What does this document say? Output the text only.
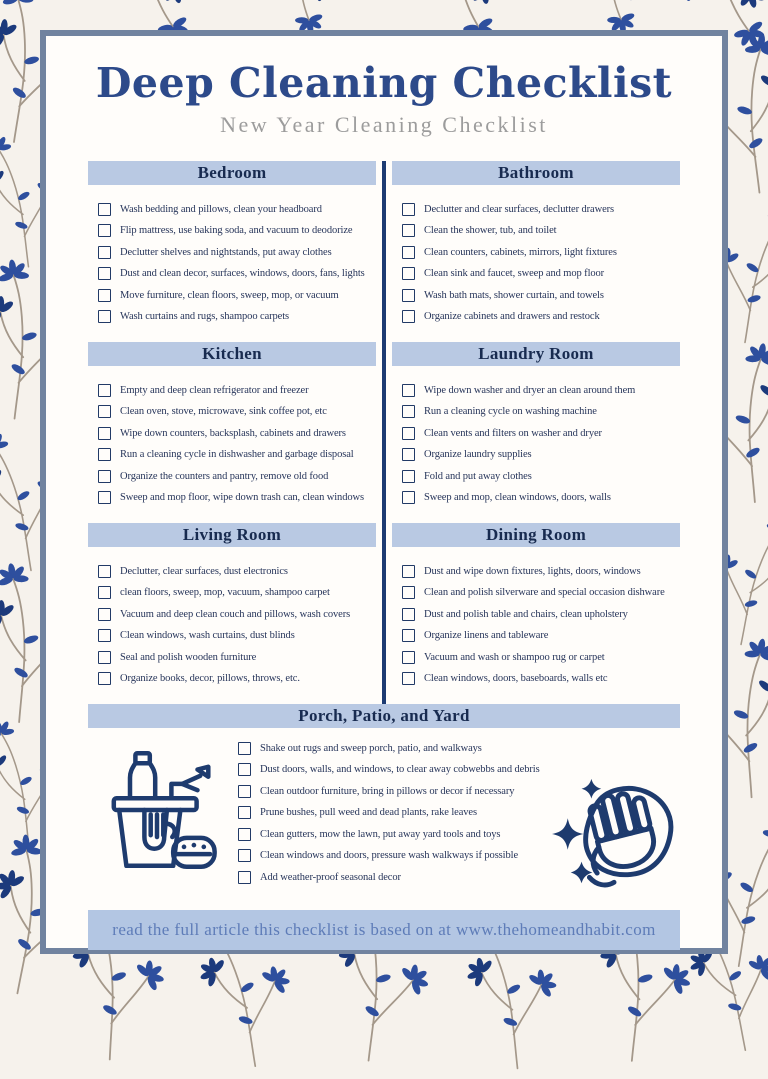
Deep Cleaning Checklist
New Year Cleaning Checklist
Bedroom
Wash bedding and pillows, clean your headboard
Flip mattress, use baking soda, and vacuum to deodorize
Declutter shelves and nightstands, put away clothes
Dust and clean decor, surfaces, windows, doors, fans, lights
Move furniture, clean floors, sweep, mop, or vacuum
Wash curtains and rugs, shampoo carpets
Bathroom
Declutter and clear surfaces, declutter drawers
Clean the shower, tub, and toilet
Clean counters, cabinets, mirrors, light fixtures
Clean sink and faucet, sweep and mop floor
Wash bath mats, shower curtain, and towels
Organize cabinets and drawers and restock
Kitchen
Empty and deep clean refrigerator and freezer
Clean oven, stove, microwave, sink coffee pot, etc
Wipe down counters, backsplash, cabinets and drawers
Run a cleaning cycle in dishwasher and garbage disposal
Organize the counters and pantry, remove old food
Sweep and mop floor, wipe down trash can, clean windows
Laundry Room
Wipe down washer and dryer an clean around them
Run a cleaning cycle on washing machine
Clean vents and filters on washer and dryer
Organize laundry supplies
Fold and put away clothes
Sweep and mop, clean windows, doors, walls
Living Room
Declutter, clear surfaces, dust electronics
clean floors, sweep, mop, vacuum, shampoo carpet
Vacuum and deep clean couch and pillows, wash covers
Clean windows, wash curtains, dust blinds
Seal and polish wooden furniture
Organize books, decor, pillows, throws, etc.
Dining Room
Dust and wipe down fixtures, lights, doors, windows
Clean and polish silverware and special occasion dishware
Dust and polish table and chairs, clean upholstery
Organize linens and tableware
Vacuum and wash or shampoo rug or carpet
Clean windows, doors, baseboards, walls etc
Porch, Patio, and Yard
Shake out rugs and sweep porch, patio, and walkways
Dust doors, walls, and windows, to clear away cobwebbs and debris
Clean outdoor furniture, bring in pillows or decor if necessary
Prune bushes, pull weed and dead plants, rake leaves
Clean gutters, mow the lawn, put away yard tools and toys
Clean windows and doors, pressure wash walkways if possible
Add weather-proof seasonal decor
read the full article this checklist is based on at www.thehomeandhabit.com
